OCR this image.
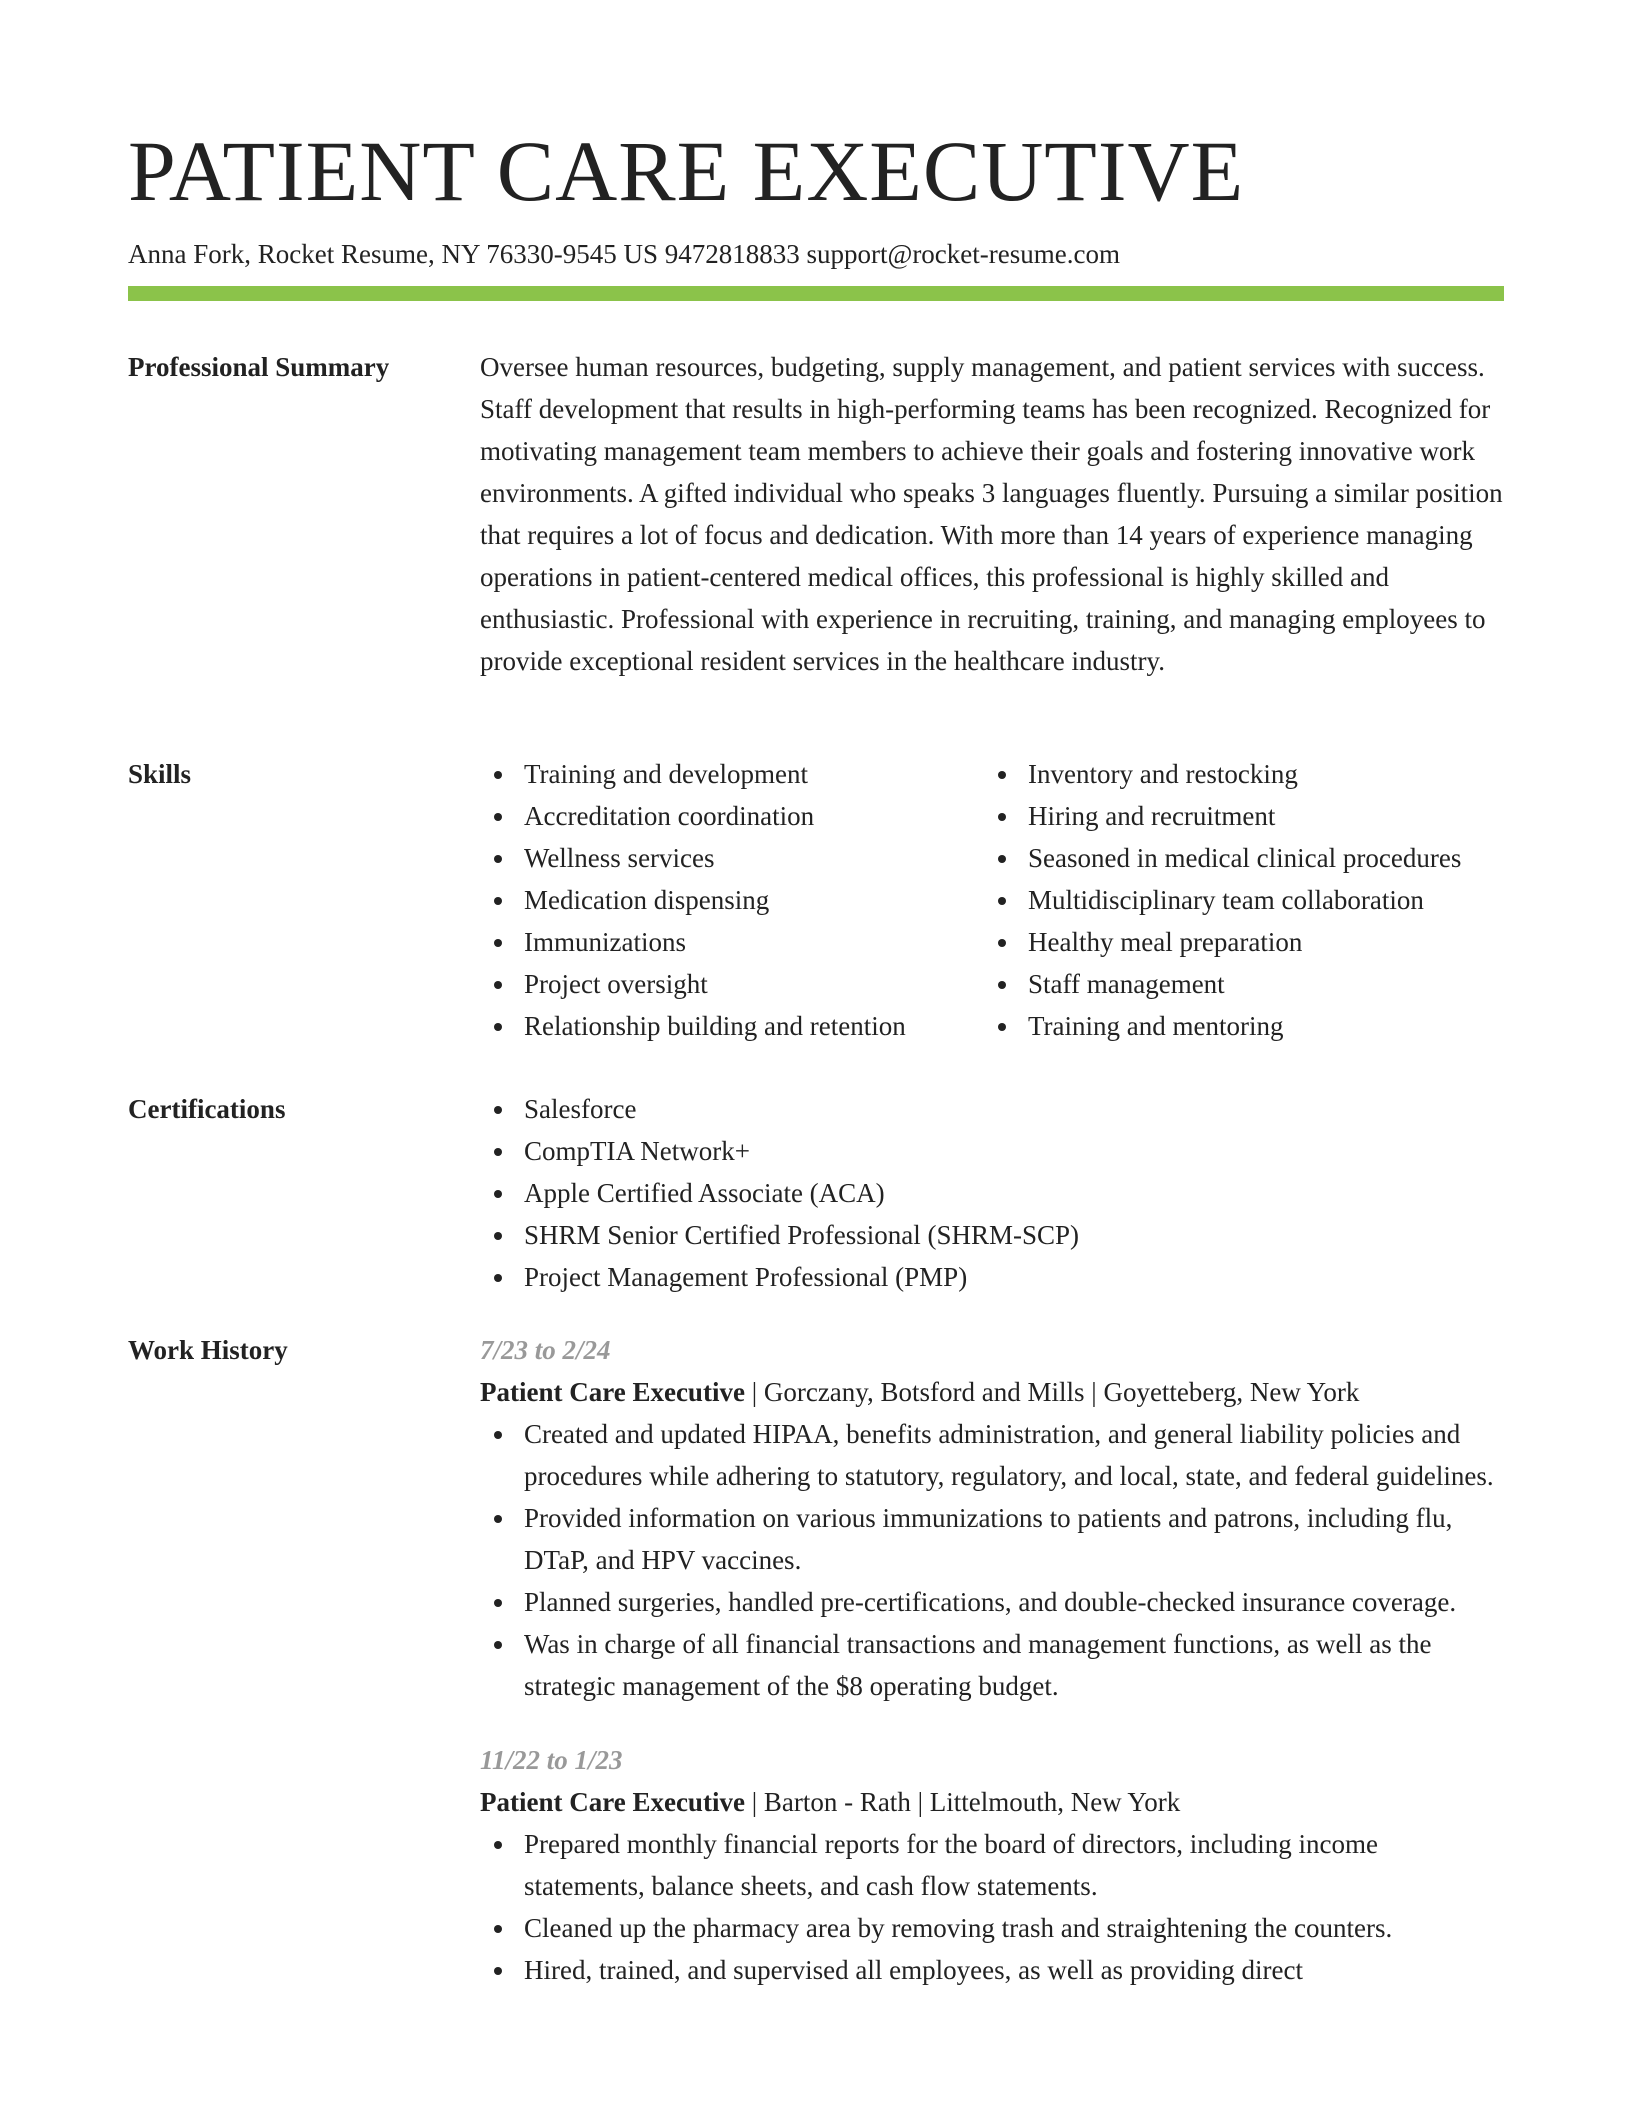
PATIENT CARE EXECUTIVE
Anna Fork, Rocket Resume, NY 76330-9545 US 9472818833 support@rocket-resume.com
Professional Summary	Oversee human resources, budgeting, supply management, and patient services with success. Staff development that results in high-performing teams has been recognized. Recognized for motivating management team members to achieve their goals and fostering innovative work environments. A gifted individual who speaks 3 languages fluently. Pursuing a similar position that requires a lot of focus and dedication. With more than 14 years of experience managing operations in patient-centered medical offices, this professional is highly skilled and enthusiastic. Professional with experience in recruiting, training, and managing employees to provide exceptional resident services in the healthcare industry.

Skills	Training and development
Accreditation coordination
Wellness services
Medication dispensing
Immunizations
Project oversight
Relationship building and retention
Inventory and restocking
Hiring and recruitment
Seasoned in medical clinical procedures
Multidisciplinary team collaboration
Healthy meal preparation
Staff management
Training and mentoring
Certifications	Salesforce
CompTIA Network+
Apple Certified Associate (ACA)
SHRM Senior Certified Professional (SHRM-SCP)
Project Management Professional (PMP)
Work History	7/23 to 2/24
Patient Care Executive | Gorczany, Botsford and Mills | Goyetteberg, New York
Created and updated HIPAA, benefits administration, and general liability policies and procedures while adhering to statutory, regulatory, and local, state, and federal guidelines.
Provided information on various immunizations to patients and patrons, including flu, DTaP, and HPV vaccines.
Planned surgeries, handled pre-certifications, and double-checked insurance coverage.
Was in charge of all financial transactions and management functions, as well as the strategic management of the $8 operating budget.
11/22 to 1/23
Patient Care Executive | Barton - Rath | Littelmouth, New York
Prepared monthly financial reports for the board of directors, including income statements, balance sheets, and cash flow statements.
Cleaned up the pharmacy area by removing trash and straightening the counters.
Hired, trained, and supervised all employees, as well as providing direct
